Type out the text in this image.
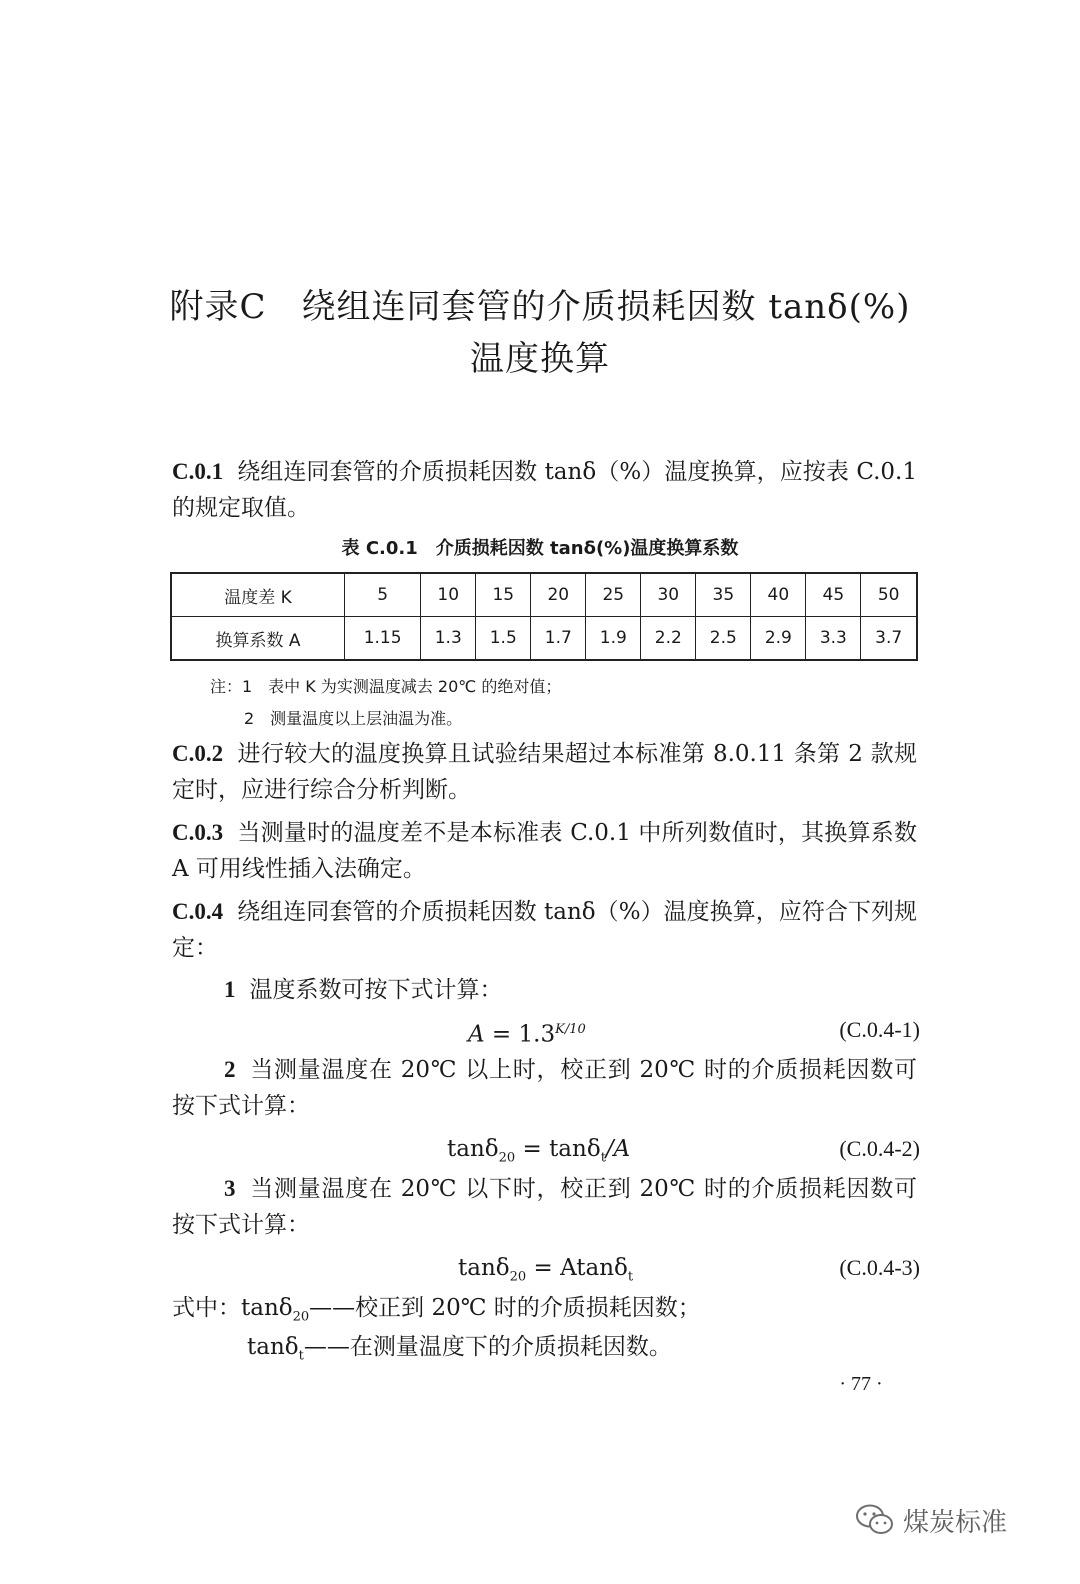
附录C　绕组连同套管的介质损耗因数 tanδ(%)
温度换算
C.0.1 绕组连同套管的介质损耗因数 tanδ（%）温度换算，应按表 C.0.1 的规定取值。
表 C.0.1 介质损耗因数 tanδ(%)温度换算系数
温度差 K	5	10	15	20	25	30	35	40	45	50
换算系数 A	1.15	1.3	1.5	1.7	1.9	2.2	2.5	2.9	3.3	3.7
注：1　表中 K 为实测温度减去 20℃ 的绝对值；
2　测量温度以上层油温为准。
C.0.2 进行较大的温度换算且试验结果超过本标准第 8.0.11 条第 2 款规定时，应进行综合分析判断。
C.0.3 当测量时的温度差不是本标准表 C.0.1 中所列数值时，其换算系数 A 可用线性插入法确定。
C.0.4 绕组连同套管的介质损耗因数 tanδ（%）温度换算，应符合下列规定：
1 温度系数可按下式计算：
$A = 1.3^{K/10}$	(C.0.4-1)
2 当测量温度在 20℃ 以上时，校正到 20℃ 时的介质损耗因数可按下式计算：
tanδ$_{20}$ = tanδ$_t$/A	(C.0.4-2)
3 当测量温度在 20℃ 以下时，校正到 20℃ 时的介质损耗因数可按下式计算：
tanδ$_{20}$ = Atanδ$_t$	(C.0.4-3)
式中：tanδ$_{20}$——校正到 20℃ 时的介质损耗因数；
tanδ$_t$——在测量温度下的介质损耗因数。
· 77 ·
煤炭标准
